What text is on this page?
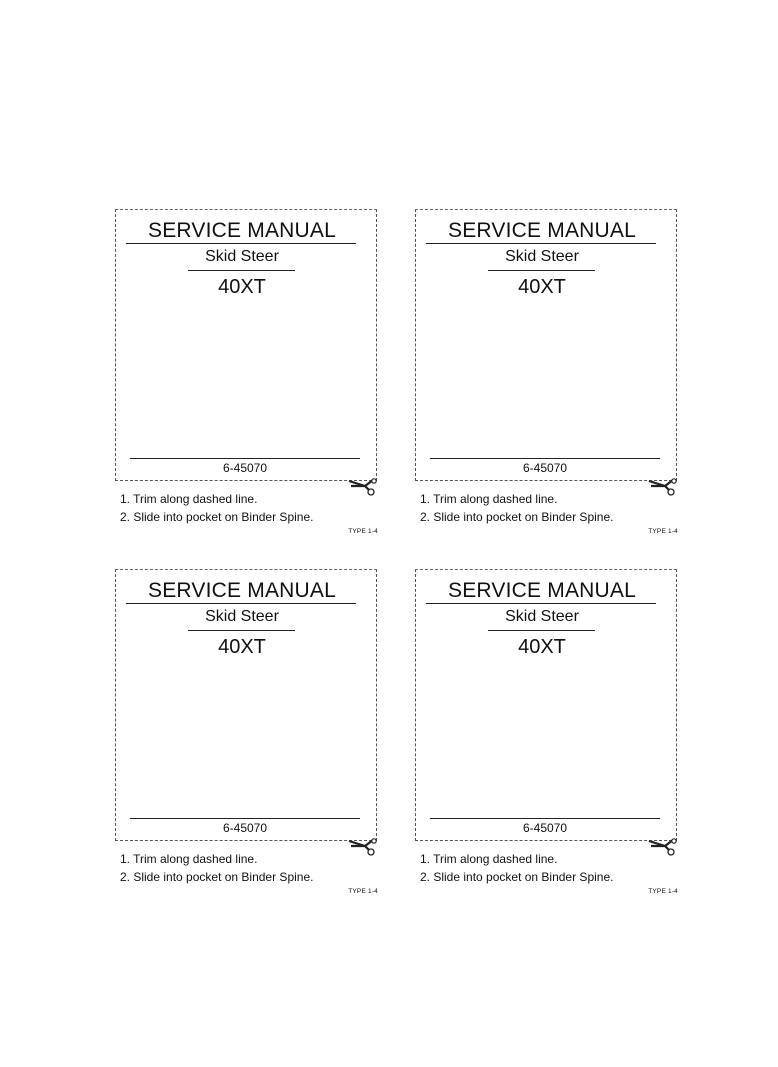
SERVICE MANUAL
Skid Steer
40XT
6-45070
1. Trim along dashed line.
2. Slide into pocket on Binder Spine.
TYPE 1-4
SERVICE MANUAL
Skid Steer
40XT
6-45070
1. Trim along dashed line.
2. Slide into pocket on Binder Spine.
TYPE 1-4
SERVICE MANUAL
Skid Steer
40XT
6-45070
1. Trim along dashed line.
2. Slide into pocket on Binder Spine.
TYPE 1-4
SERVICE MANUAL
Skid Steer
40XT
6-45070
1. Trim along dashed line.
2. Slide into pocket on Binder Spine.
TYPE 1-4
